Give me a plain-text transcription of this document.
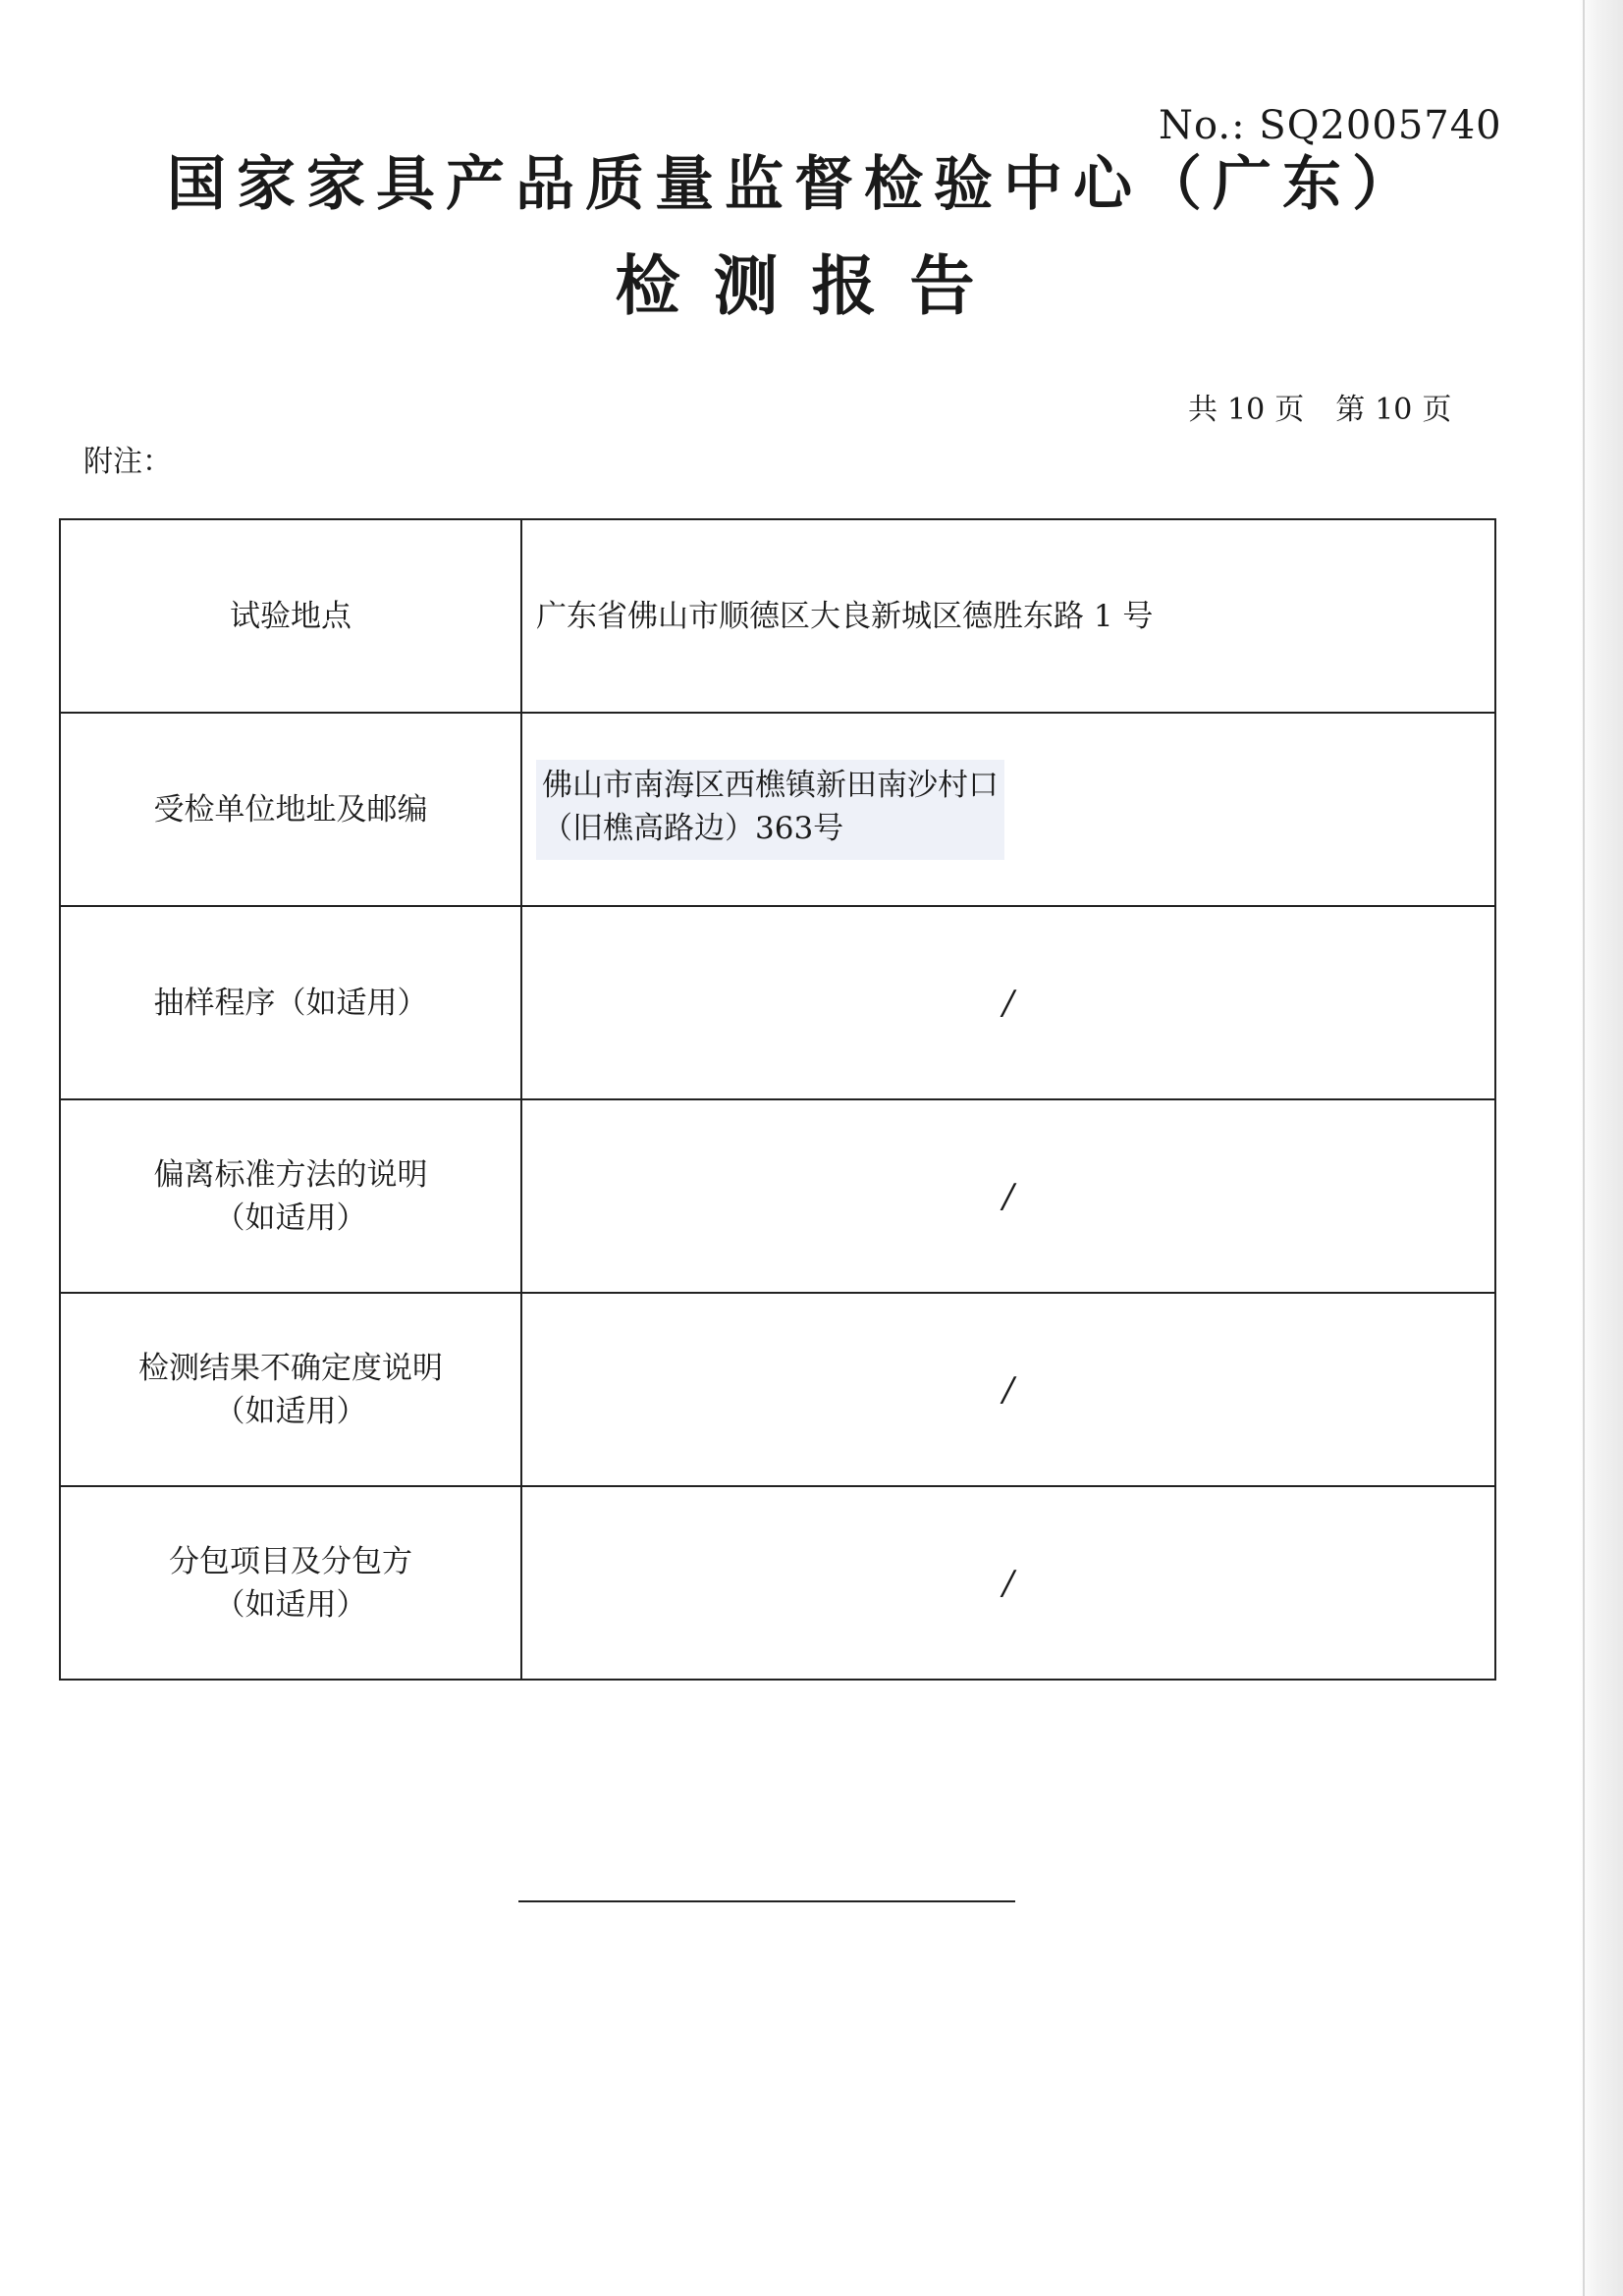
No.: SQ2005740
国家家具产品质量监督检验中心（广东）
检测报告
共 10 页 第 10 页
附注：
试验地点	广东省佛山市顺德区大良新城区德胜东路 1 号

受检单位地址及邮编	佛山市南海区西樵镇新田南沙村口
（旧樵高路边）363号

抽样程序（如适用）	/

偏离标准方法的说明
（如适用）	/

检测结果不确定度说明
（如适用）	/

分包项目及分包方
（如适用）	/
